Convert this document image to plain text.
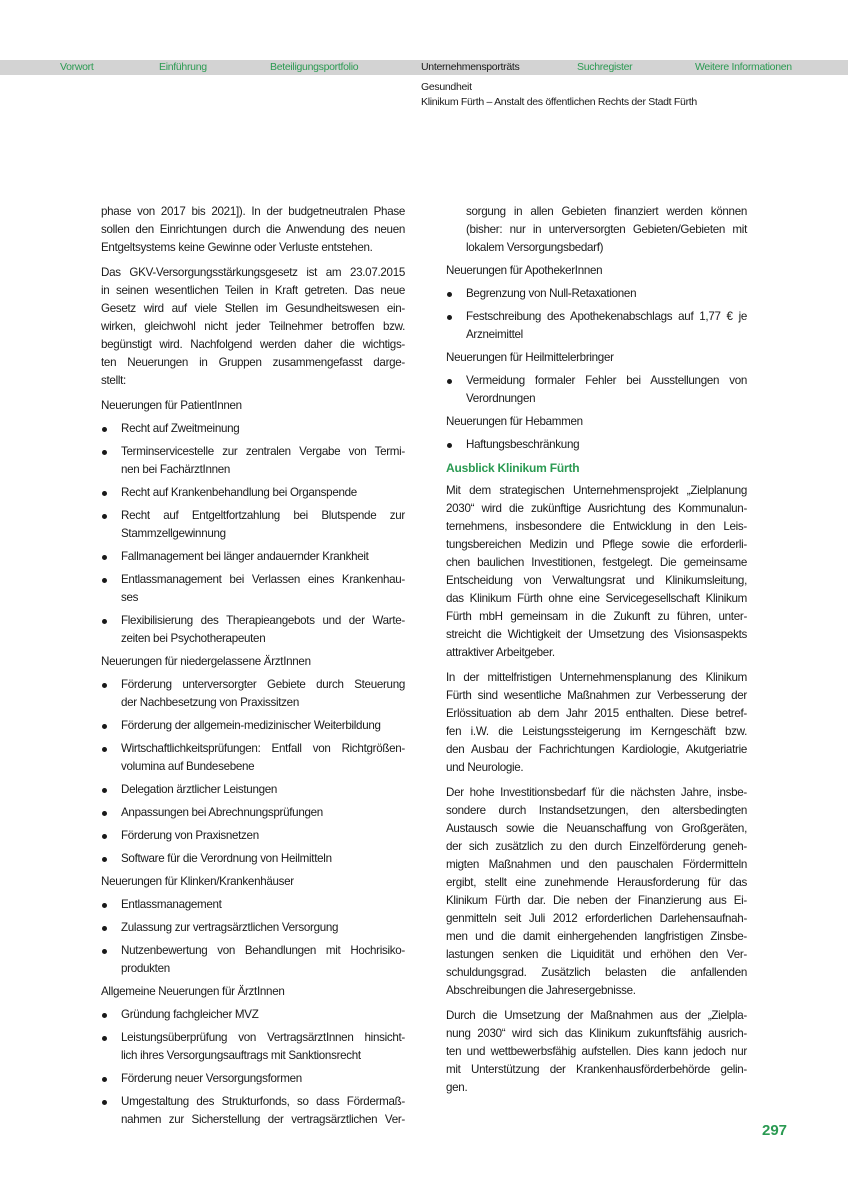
Vorwort	Einführung	Beteiligungsportfolio	Unternehmensporträts	Suchregister	Weitere Informationen
Gesundheit
Klinikum Fürth – Anstalt des öffentlichen Rechts der Stadt Fürth
phase von 2017 bis 2021]). In der budgetneutralen Phase
sollen den Einrichtungen durch die Anwendung des neuen
Entgeltsystems keine Gewinne oder Verluste entstehen.
Das GKV-Versorgungsstärkungsgesetz ist am 23.07.2015
in seinen wesentlichen Teilen in Kraft getreten. Das neue
Gesetz wird auf viele Stellen im Gesundheitswesen ein-
wirken, gleichwohl nicht jeder Teilnehmer betroffen bzw.
begünstigt wird. Nachfolgend werden daher die wichtigs-
ten Neuerungen in Gruppen zusammengefasst darge-
stellt:
Neuerungen für PatientInnen
Recht auf Zweitmeinung
Terminservicestelle zur zentralen Vergabe von Termi-
nen bei FachärztInnen
Recht auf Krankenbehandlung bei Organspende
Recht auf Entgeltfortzahlung bei Blutspende zur
Stammzellgewinnung
Fallmanagement bei länger andauernder Krankheit
Entlassmanagement bei Verlassen eines Krankenhau-
ses
Flexibilisierung des Therapieangebots und der Warte-
zeiten bei Psychotherapeuten
Neuerungen für niedergelassene ÄrztInnen
Förderung unterversorgter Gebiete durch Steuerung
der Nachbesetzung von Praxissitzen
Förderung der allgemein-medizinischer Weiterbildung
Wirtschaftlichkeitsprüfungen: Entfall von Richtgrößen-
volumina auf Bundesebene
Delegation ärztlicher Leistungen
Anpassungen bei Abrechnungsprüfungen
Förderung von Praxisnetzen
Software für die Verordnung von Heilmitteln
Neuerungen für Klinken/Krankenhäuser
Entlassmanagement
Zulassung zur vertragsärztlichen Versorgung
Nutzenbewertung von Behandlungen mit Hochrisiko-
produkten
Allgemeine Neuerungen für ÄrztInnen
Gründung fachgleicher MVZ
Leistungsüberprüfung von VertragsärztInnen hinsicht-
lich ihres Versorgungsauftrags mit Sanktionsrecht
Förderung neuer Versorgungsformen
Umgestaltung des Strukturfonds, so dass Fördermaß-
nahmen zur Sicherstellung der vertragsärztlichen Ver-
sorgung in allen Gebieten finanziert werden können
(bisher: nur in unterversorgten Gebieten/Gebieten mit
lokalem Versorgungsbedarf)
Neuerungen für ApothekerInnen
Begrenzung von Null-Retaxationen
Festschreibung des Apothekenabschlags auf 1,77 € je
Arzneimittel
Neuerungen für Heilmittelerbringer
Vermeidung formaler Fehler bei Ausstellungen von
Verordnungen
Neuerungen für Hebammen
Haftungsbeschränkung
Ausblick Klinikum Fürth
Mit dem strategischen Unternehmensprojekt „Zielplanung
2030“ wird die zukünftige Ausrichtung des Kommunalun-
ternehmens, insbesondere die Entwicklung in den Leis-
tungsbereichen Medizin und Pflege sowie die erforderli-
chen baulichen Investitionen, festgelegt. Die gemeinsame
Entscheidung von Verwaltungsrat und Klinikumsleitung,
das Klinikum Fürth ohne eine Servicegesellschaft Klinikum
Fürth mbH gemeinsam in die Zukunft zu führen, unter-
streicht die Wichtigkeit der Umsetzung des Visionsaspekts
attraktiver Arbeitgeber.
In der mittelfristigen Unternehmensplanung des Klinikum
Fürth sind wesentliche Maßnahmen zur Verbesserung der
Erlössituation ab dem Jahr 2015 enthalten. Diese betref-
fen i.W. die Leistungssteigerung im Kerngeschäft bzw.
den Ausbau der Fachrichtungen Kardiologie, Akutgeriatrie
und Neurologie.
Der hohe Investitionsbedarf für die nächsten Jahre, insbe-
sondere durch Instandsetzungen, den altersbedingten
Austausch sowie die Neuanschaffung von Großgeräten,
der sich zusätzlich zu den durch Einzelförderung geneh-
migten Maßnahmen und den pauschalen Fördermitteln
ergibt, stellt eine zunehmende Herausforderung für das
Klinikum Fürth dar. Die neben der Finanzierung aus Ei-
genmitteln seit Juli 2012 erforderlichen Darlehensaufnah-
men und die damit einhergehenden langfristigen Zinsbe-
lastungen senken die Liquidität und erhöhen den Ver-
schuldungsgrad. Zusätzlich belasten die anfallenden
Abschreibungen die Jahresergebnisse.
Durch die Umsetzung der Maßnahmen aus der „Zielpla-
nung 2030“ wird sich das Klinikum zukunftsfähig ausrich-
ten und wettbewerbsfähig aufstellen. Dies kann jedoch nur
mit Unterstützung der Krankenhausförderbehörde gelin-
gen.
297
